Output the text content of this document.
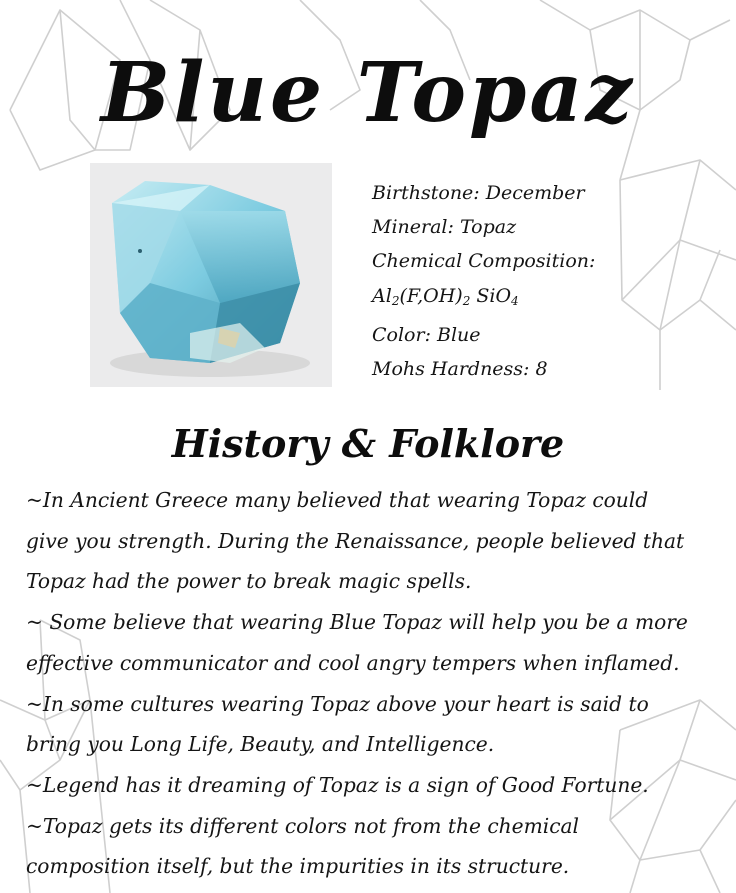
Blue Topaz
Birthstone: December
Mineral: Topaz
Chemical Composition:
$Al_2(F,OH)_2$ SiO$_4$
Color: Blue
Mohs Hardness: 8
History & Folklore
~In Ancient Greece many believed that wearing Topaz could
give you strength. During the Renaissance, people believed that
Topaz had the power to break magic spells.
~ Some believe that wearing Blue Topaz will help you be a more
effective communicator and cool angry tempers when inflamed.
~In some cultures wearing Topaz above your heart is said to
bring you Long Life, Beauty, and Intelligence.
~Legend has it dreaming of Topaz is a sign of Good Fortune.
~Topaz gets its different colors not from the chemical
composition itself, but the impurities in its structure.
